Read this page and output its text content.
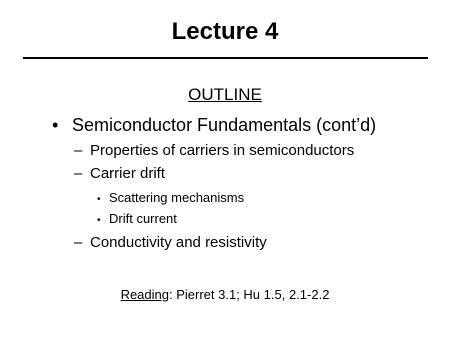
Lecture 4
OUTLINE
• Semiconductor Fundamentals (cont’d)
– Properties of carriers in semiconductors
– Carrier drift
• Scattering mechanisms
• Drift current
– Conductivity and resistivity
Reading: Pierret 3.1; Hu 1.5, 2.1-2.2
